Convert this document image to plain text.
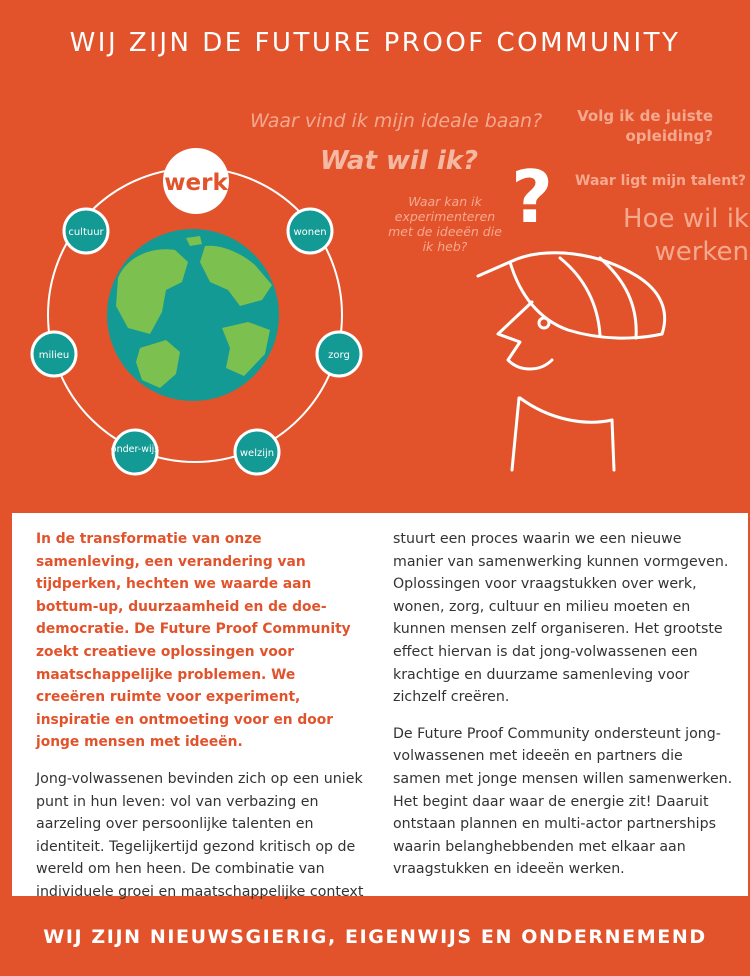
WIJ ZIJN DE FUTURE PROOF COMMUNITY
werk
cultuur	wonen
milieu	zorg
onder-wijs	welzijn
?
Waar vind ik mijn ideale baan?
Wat wil ik?
Volg ik de juiste opleiding?
Waar ligt mijn talent?
Waar kan ik experimenteren met de ideeën die ik heb?
Hoe wil ik werken

In de transformatie van onze samenleving, een verandering van tijdperken, hechten we waarde aan bottum-up, duurzaamheid en de doe-democratie. De Future Proof Community zoekt creatieve oplossingen voor maatschappelijke problemen. We creeëren ruimte voor experiment, inspiratie en ontmoeting voor en door jonge mensen met ideeën.

Jong-volwassenen bevinden zich op een uniek punt in hun leven: vol van verbazing en aarzeling over persoonlijke talenten en identiteit. Tegelijkertijd gezond kritisch op de wereld om hen heen. De combinatie van individuele groei en maatschappelijke context

stuurt een proces waarin we een nieuwe manier van samenwerking kunnen vormgeven. Oplossingen voor vraagstukken over werk, wonen, zorg, cultuur en milieu moeten en kunnen mensen zelf organiseren. Het grootste effect hiervan is dat jong-volwassenen een krachtige en duurzame samenleving voor zichzelf creëren.

De Future Proof Community ondersteunt jong-volwassenen met ideeën en partners die samen met jonge mensen willen samenwerken. Het begint daar waar de energie zit! Daaruit ontstaan plannen en multi-actor partnerships waarin belanghebbenden met elkaar aan vraagstukken en ideeën werken.

WIJ ZIJN NIEUWSGIERIG, EIGENWIJS EN ONDERNEMEND
